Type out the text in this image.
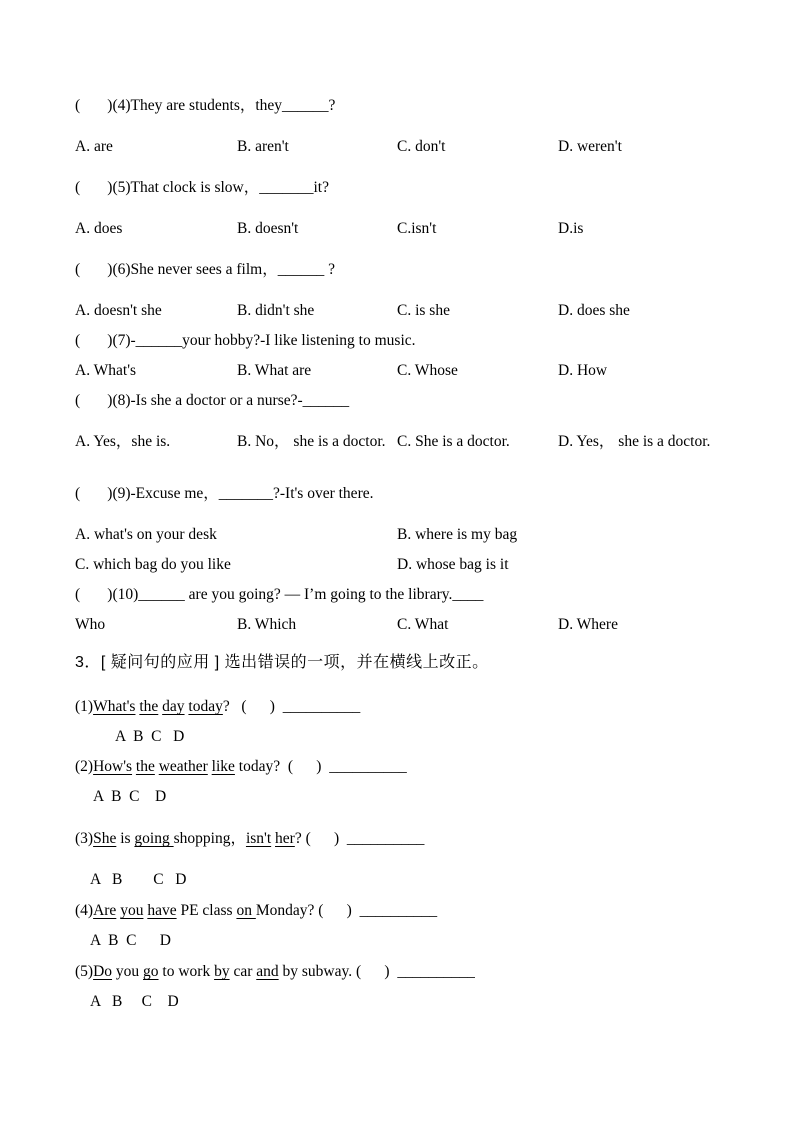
(       )(4)They are students，they______?

A. are

	B. aren't

	C. don't

	D. weren't

(       )(5)That clock is slow，_______it?

A. does

	B. doesn't

	C.isn't

	D.is

(       )(6)She never sees a film，______ ?

A. doesn't she

	B. didn't she

	C. is she

	D. does she

(       )(7)-______your hobby?-I like listening to music.

A. What's

	B. What are

	C. Whose

	D. How

(       )(8)-Is she a doctor or a nurse?-______

A. Yes，she is.

	B. No， she is a doctor.

C. She is a doctor.

	D. Yes， she is a doctor.

(       )(9)-Excuse me，_______?-It's over there.

A. what's on your desk

	B. where is my bag

C. which bag do you like

	D. whose bag is it

(       )(10)______ are you going? — I’m going to the library.____

Who

	B. Which

	C. What

	D. Where

3．[ 疑问句的应用 ] 选出错误的一项，并在横线上改正。
(1)What's the day today?   (      )  __________
A  B  C   D
(2)How's the weather like today?  (      )  __________
A  B  C    D
(3)She is going shopping，isn't her? (      )  __________
A   B        C   D
(4)Are you have PE class on Monday? (      )  __________
A  B  C      D
(5)Do you go to work by car and by subway. (      )  __________
A   B     C    D
